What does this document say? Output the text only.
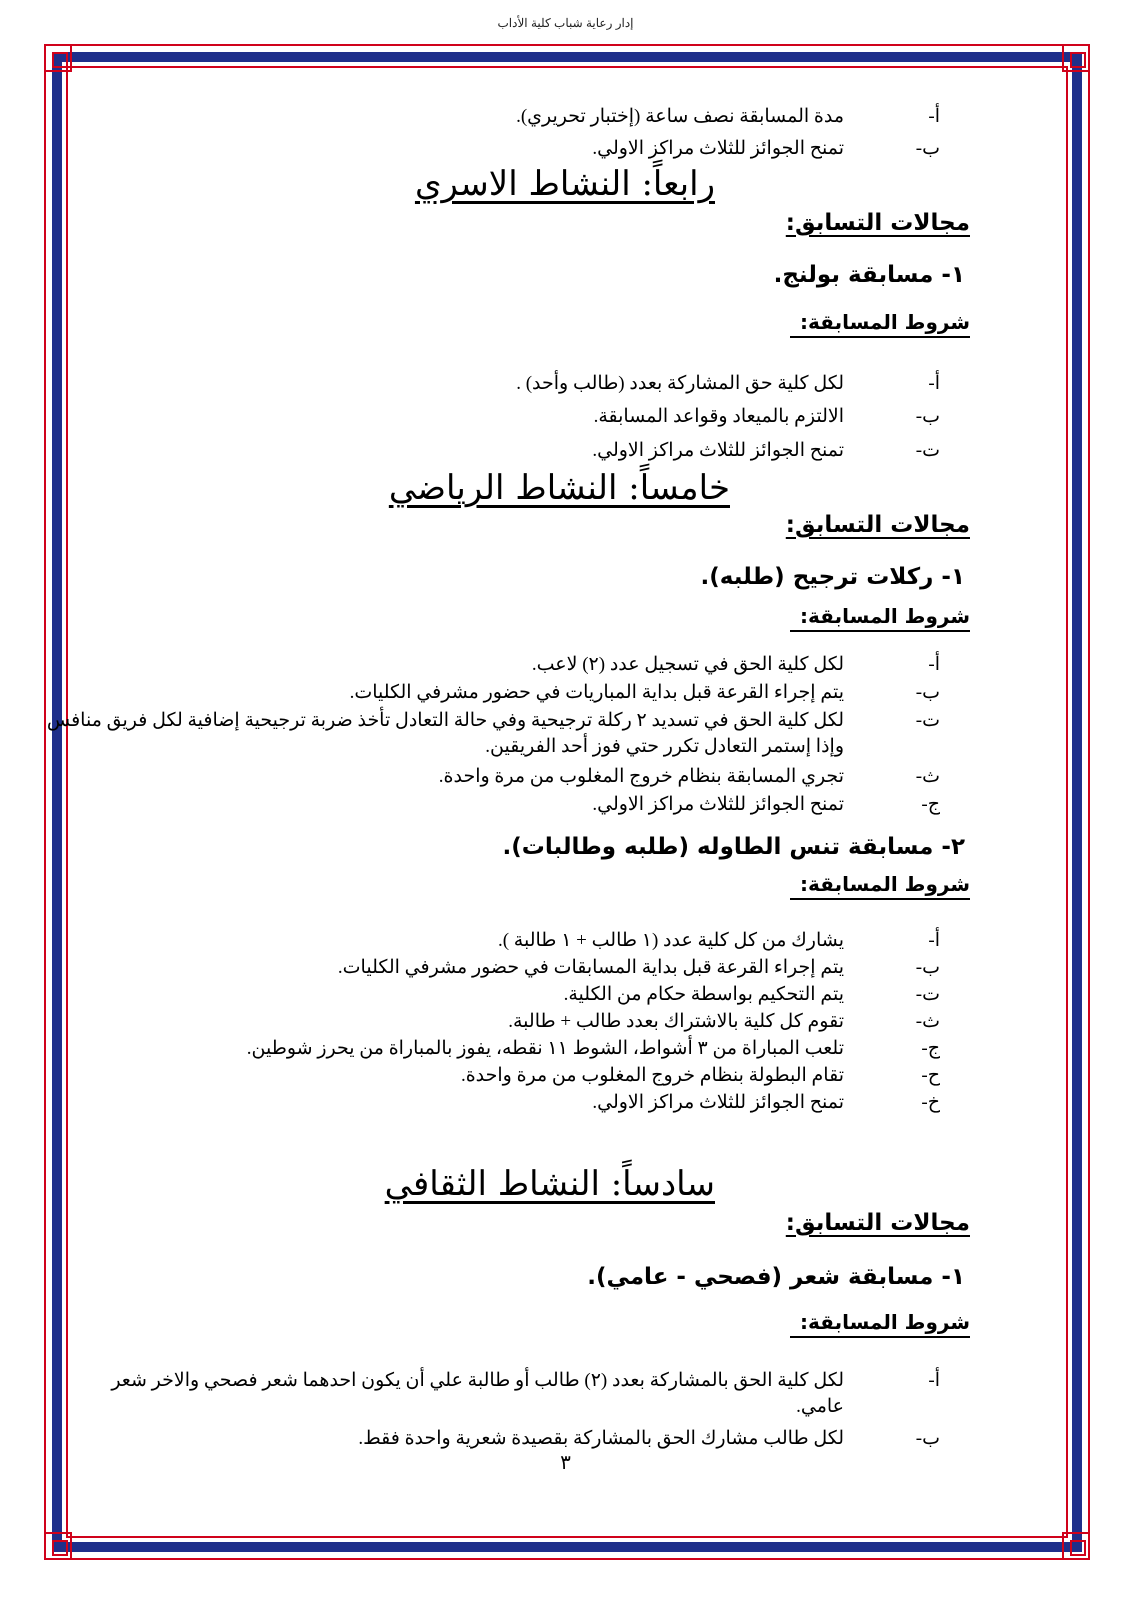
إدار رعاية شباب كلية الأداب
أ-
مدة المسابقة نصف ساعة (إختبار تحريري).
ب-
تمنح الجوائز للثلاث مراكز الاولي.
رابعاً: النشاط الاسري
مجالات التسابق:
١- مسابقة بولنج.
شروط المسابقة:
أ-
لكل كلية حق المشاركة بعدد (طالب وأحد) .
ب-
الالتزم بالميعاد وقواعد المسابقة.
ت-
تمنح الجوائز للثلاث مراكز الاولي.
خامساً: النشاط الرياضي
مجالات التسابق:
١- ركلات ترجيح (طلبه).
شروط المسابقة:
أ-
لكل كلية الحق في تسجيل عدد (٢) لاعب.
ب-
يتم إجراء القرعة قبل بداية المباريات في حضور مشرفي الكليات.
ت-
لكل كلية الحق في تسديد ٢ ركلة ترجيحية وفي حالة التعادل تأخذ ضربة ترجيحية إضافية لكل فريق منافس وإذا إستمر التعادل تكرر حتي فوز أحد الفريقين.
ث-
تجري المسابقة بنظام خروج المغلوب من مرة واحدة.
ج-
تمنح الجوائز للثلاث مراكز الاولي.
٢- مسابقة تنس الطاوله (طلبه وطالبات).
شروط المسابقة:
أ-
يشارك من كل كلية عدد (١ طالب + ١ طالبة ).
ب-
يتم إجراء القرعة قبل بداية المسابقات في حضور مشرفي الكليات.
ت-
يتم التحكيم بواسطة حكام من الكلية.
ث-
تقوم كل كلية بالاشتراك بعدد طالب + طالبة.
ج-
تلعب المباراة من ٣ أشواط، الشوط ١١ نقطه، يفوز بالمباراة من يحرز شوطين.
ح-
تقام البطولة بنظام خروج المغلوب من مرة واحدة.
خ-
تمنح الجوائز للثلاث مراكز الاولي.
سادساً: النشاط الثقافي
مجالات التسابق:
١- مسابقة شعر (فصحي - عامي).
شروط المسابقة:
أ-
لكل كلية الحق بالمشاركة بعدد (٢) طالب أو طالبة علي أن يكون احدهما شعر فصحي والاخر شعر عامي.
ب-
لكل طالب مشارك الحق بالمشاركة بقصيدة شعرية واحدة فقط.
٣
